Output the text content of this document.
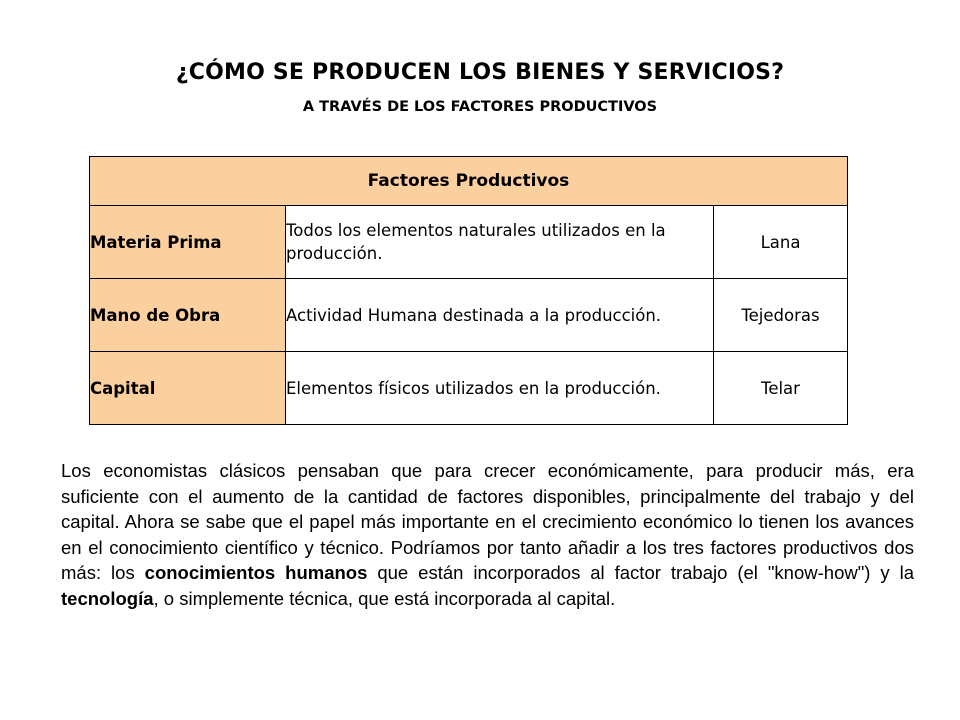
¿CÓMO SE PRODUCEN LOS BIENES Y SERVICIOS?
A TRAVÉS DE LOS FACTORES PRODUCTIVOS
Factores Productivos		
Materia Prima	Todos los elementos naturales utilizados en la producción.	Lana
Mano de Obra	Actividad Humana destinada a la producción.	Tejedoras
Capital	Elementos físicos utilizados en la producción.	Telar
Los economistas clásicos pensaban que para crecer económicamente, para producir más, era suficiente con el aumento de la cantidad de factores disponibles, principalmente del trabajo y del capital. Ahora se sabe que el papel más importante en el crecimiento económico lo tienen los avances en el conocimiento científico y técnico. Podríamos por tanto añadir a los tres factores productivos dos más: los conocimientos humanos que están incorporados al factor trabajo (el "know-how") y la tecnología, o simplemente técnica, que está incorporada al capital.
